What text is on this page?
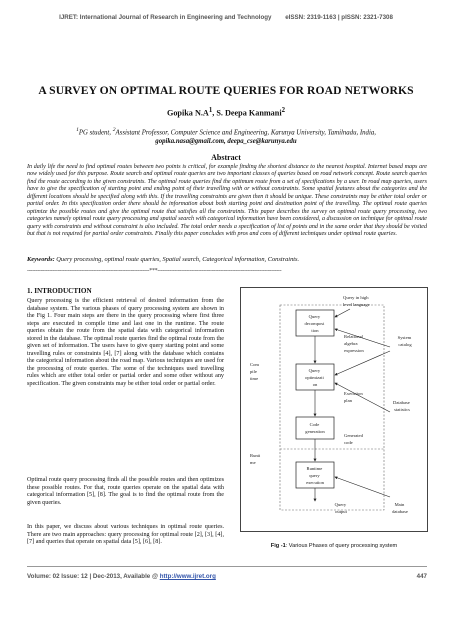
IJRET: International Journal of Research in Engineering and Technology eISSN: 2319-1163 | pISSN: 2321-7308
A SURVEY ON OPTIMAL ROUTE QUERIES FOR ROAD NETWORKS
Gopika $N.A^1$, S. Deepa Kanmani$^2$
$^1$PG student, $^2$Assistant Professor, Computer Science and Engineering, Karunya University, Tamilnadu, India,
gopika.nasa@gmail.com, deepa_cse@karunya.edu
Abstract
In daily life the need to find optimal routes between two points is critical, for example finding the shortest distance to the nearest hospital. Internet based maps are now widely used for this purpose. Route search and optimal route queries are two important classes of queries based on road network concept. Route search queries find the route according to the given constraints. The optimal route queries find the optimum route from a set of specifications by a user. In road map queries, users have to give the specification of starting point and ending point of their travelling with or without constraints. Some spatial features about the categories and the different locations should be specified along with this. If the travelling constraints are given then it should be unique. These constraints may be either total order or partial order. In this specification order there should be information about both starting point and destination point of the travelling. The optimal route queries optimize the possible routes and give the optimal route that satisfies all the constraints. This paper describes the survey on optimal route query processing, two categories namely optimal route query processing and spatial search with categorical information have been considered, a discussion on technique for optimal route query with constraints and without constraint is also included. The total order needs a specification of list of points and in the same order that they should be visited but that is not required for partial order constraints. Finally this paper concludes with pros and cons of different techniques under optimal route queries.
Keywords: Query processing, optimal route queries, Spatial search, Categorical information, Constraints.
------------------------------------------------------------------------***-------------------------------------------------------------------------
1. INTRODUCTION
Query processing is the efficient retrieval of desired information from the database system. The various phases of query processing system are shown in the Fig 1. Four main steps are there in the query processing where first three steps are executed in compile time and last one in the runtime. The route queries obtain the route from the spatial data with categorical information stored in the database. The optimal route queries find the optimal route from the given set of information. The users have to give query starting point and some travelling rules or constraints [4], [7] along with the database which contains the categorical information about the road map. Various techniques are used for the processing of route queries. The some of the techniques used travelling rules which are either total order or partial order and some other without any specification. The given constraints may be either total order or partial order.
Optimal route query processing finds all the possible routes and then optimizes these possible routes. For that, route queries operate on the spatial data with categorical information [5], [8]. The goal is to find the optimal route from the given queries.
In this paper, we discuss about various techniques in optimal route queries. There are two main approaches: query processing for optimal route [2], [3], [4], [7] and queries that operate on spatial data [5], [6], [8].
Query decomposi tion
Query optimizati on
Code generation
Runtime query execution
Query in high level language
Relational algebra expression
System catalog
Execution plan	Database statistics
Generated code
Query output
Main database
Com pile time
Runti me
Fig -1: Various Phases of query processing system
Volume: 02 Issue: 12 | Dec-2013, Available @ http://www.ijret.org	447
